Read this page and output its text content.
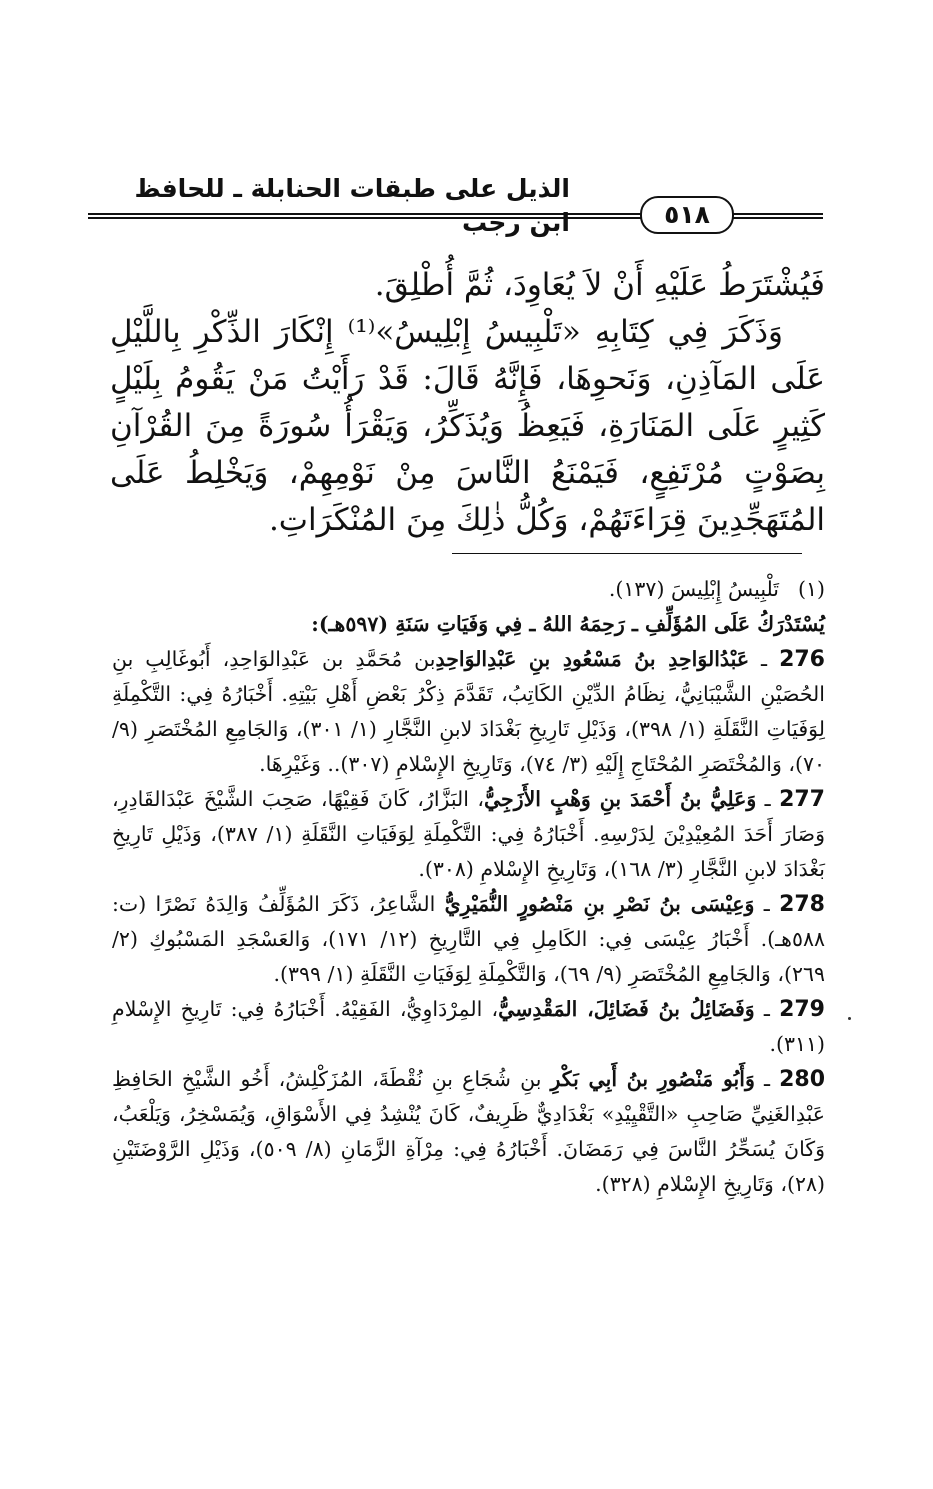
الذيل على طبقات الحنابلة ـ للحافظ ابن رجب	٥١٨

فَيُشْتَرَطُ عَلَيْهِ أَنْ لاَ يُعَاوِدَ، ثُمَّ أُطْلِقَ.

وَذَكَرَ فِي كِتَابِهِ «تَلْبِيسُ إِبْلِيسُ»⁽¹⁾ إِنْكَارَ الذِّكْرِ بِاللَّيْلِ عَلَى المَآذِنِ، وَنَحوِهَا، فَإِنَّهُ قَالَ: قَدْ رَأَيْتُ مَنْ يَقُومُ بِلَيْلٍ كَثِيرٍ عَلَى المَنَارَةِ، فَيَعِظُ وَيُذَكِّرُ، وَيَقْرَأُ سُورَةً مِنَ القُرْآنِ بِصَوْتٍ مُرْتَفِعٍ، فَيَمْنَعُ النَّاسَ مِنْ نَوْمِهِمْ، وَيَخْلِطُ عَلَى المُتَهَجِّدِينَ قِرَاءَتَهُمْ، وَكُلُّ ذٰلِكَ مِنَ المُنْكَرَاتِ.

(١)تَلْبِيسُ إِبْلِيسَ (١٣٧).

يُسْتَدْرَكُ عَلَى المُؤَلِّفِ ـ رَحِمَهُ اللهُ ـ فِي وَفَيَاتِ سَنَةِ (٥٩٧هـ):

276 ـ عَبْدُالوَاحِدِ بنُ مَسْعُودِ بنِ عَبْدِالوَاحِدِبن مُحَمَّدِ بن عَبْدِالوَاحِدِ، أَبُوغَالِبِ بنِ الحُصَيْنِ الشَّيْبَانِيُّ، نِظَامُ الدِّيْنِ الكَاتِبُ، تَقَدَّمَ ذِكْرُ بَعْضِ أَهْلِ بَيْتِهِ. أَخْبَارُهُ فِي: التَّكْمِلَةِ لِوَفَيَاتِ النَّقَلَةِ (١/ ٣٩٨)، وَذَيْلِ تَارِيخِ بَغْدَادَ لابنِ النَّجَّارِ (١/ ٣٠١)، وَالجَامِعِ المُخْتَصَرِ (٩/ ٧٠)، وَالمُخْتَصَرِ المُحْتَاجِ إِلَيْهِ (٣/ ٧٤)، وَتَارِيخِ الإِسْلامِ (٣٠٧).. وَغَيْرِهَا.

277 ـ وَعَلِيُّ بنُ أَحْمَدَ بنِ وَهْبٍ الأَزَجِيُّ، البَزَّارُ، كَانَ فَقِيْهًا، صَحِبَ الشَّيْخَ عَبْدَالقَادِرِ، وَصَارَ أَحَدَ المُعِيْدِيْنَ لِدَرْسِهِ. أَخْبَارُهُ فِي: التَّكْمِلَةِ لِوَفَيَاتِ النَّقَلَةِ (١/ ٣٨٧)، وَذَيْلِ تَارِيخِ بَغْدَادَ لابنِ النَّجَّارِ (٣/ ١٦٨)، وَتَارِيخِ الإِسْلامِ (٣٠٨).

278 ـ وَعِيْسَى بنُ نَصْرِ بنِ مَنْصُورٍ النُّمَيْرِيُّ الشَّاعِرُ، ذَكَرَ المُؤَلِّفُ وَالِدَهُ نَصْرًا (ت: ٥٨٨هـ). أَخْبَارُ عِيْسَى فِي: الكَامِلِ فِي التَّارِيخِ (١٢/ ١٧١)، وَالعَسْجَدِ المَسْبُوكِ (٢/ ٢٦٩)، وَالجَامِعِ المُخْتَصَرِ (٩/ ٦٩)، وَالتَّكْمِلَةِ لِوَفَيَاتِ النَّقَلَةِ (١/ ٣٩٩).

279 ـ وَفَضَائِلُ بنُ فَضَائِلَ، المَقْدِسِيُّ، المِرْدَاوِيُّ، الفَقِيْهُ. أَخْبَارُهُ فِي: تَارِيخِ الإِسْلامِ (٣١١).

280 ـ وَأَبُو مَنْصُورِ بنُ أَبِي بَكْرِ بنِ شُجَاعِ بنِ نُقْطَةَ، المُزَكْلِشُ، أَخُو الشَّيْخِ الحَافِظِ عَبْدِالغَنِيِّ صَاحِبِ «التَّقْيِيْدِ» بَغْدَادِيٌّ ظَرِيفٌ، كَانَ يُنْشِدُ فِي الأَسْوَاقِ، وَيُمَسْخِرُ، وَيَلْعَبُ، وَكَانَ يُسَحِّرُ النَّاسَ فِي رَمَضَانَ. أَخْبَارُهُ فِي: مِرْآةِ الزَّمَانِ (٨/ ٥٠٩)، وَذَيْلِ الرَّوْضَتَيْنِ (٢٨)، وَتَارِيخِ الإِسْلامِ (٣٢٨).
